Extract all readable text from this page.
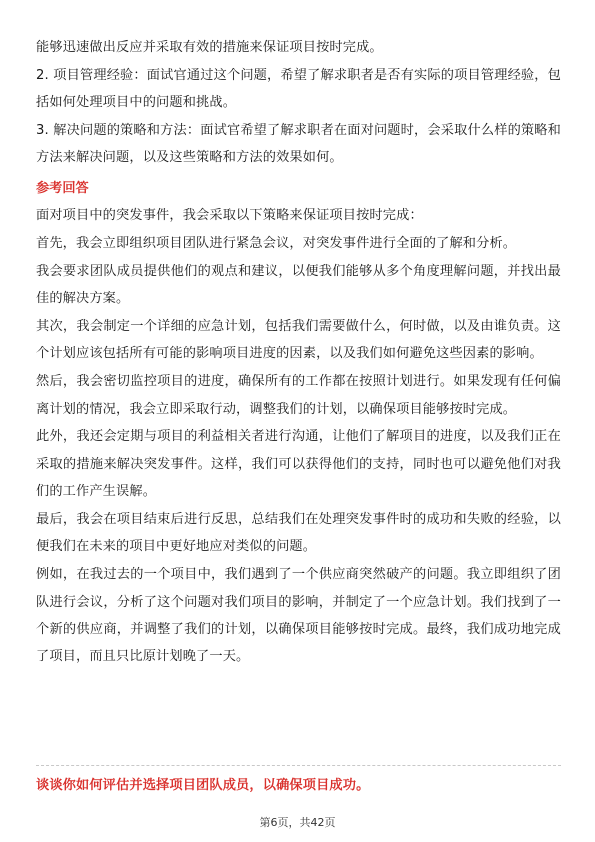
能够迅速做出反应并采取有效的措施来保证项目按时完成。

2. 项目管理经验：面试官通过这个问题，希望了解求职者是否有实际的项目管理经验，包括如何处理项目中的问题和挑战。

3. 解决问题的策略和方法：面试官希望了解求职者在面对问题时，会采取什么样的策略和方法来解决问题，以及这些策略和方法的效果如何。

参考回答

面对项目中的突发事件，我会采取以下策略来保证项目按时完成：

首先，我会立即组织项目团队进行紧急会议，对突发事件进行全面的了解和分析。

我会要求团队成员提供他们的观点和建议，以便我们能够从多个角度理解问题，并找出最佳的解决方案。

其次，我会制定一个详细的应急计划，包括我们需要做什么，何时做，以及由谁负责。这个计划应该包括所有可能的影响项目进度的因素，以及我们如何避免这些因素的影响。

然后，我会密切监控项目的进度，确保所有的工作都在按照计划进行。如果发现有任何偏离计划的情况，我会立即采取行动，调整我们的计划，以确保项目能够按时完成。

此外，我还会定期与项目的利益相关者进行沟通，让他们了解项目的进度，以及我们正在采取的措施来解决突发事件。这样，我们可以获得他们的支持，同时也可以避免他们对我们的工作产生误解。

最后，我会在项目结束后进行反思，总结我们在处理突发事件时的成功和失败的经验，以便我们在未来的项目中更好地应对类似的问题。

例如，在我过去的一个项目中，我们遇到了一个供应商突然破产的问题。我立即组织了团队进行会议，分析了这个问题对我们项目的影响，并制定了一个应急计划。我们找到了一个新的供应商，并调整了我们的计划，以确保项目能够按时完成。最终，我们成功地完成了项目，而且只比原计划晚了一天。

谈谈你如何评估并选择项目团队成员，以确保项目成功。
第6页，共42页
